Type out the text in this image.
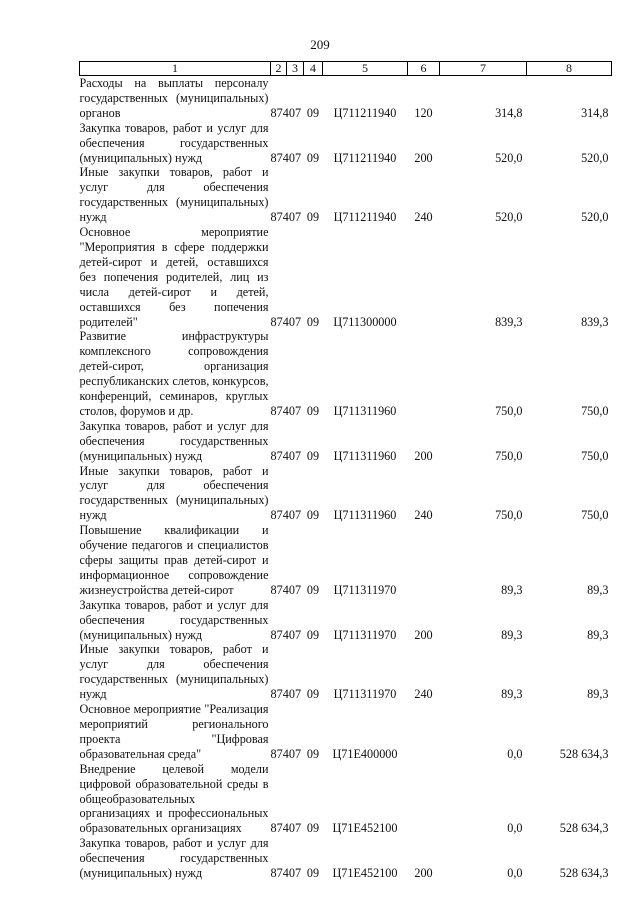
209
1	2	3	4	5	6	7	8
Расходы на выплаты персоналу государственных (муниципальных) органов	874	07	09	Ц711211940	120	314,8	314,8
Закупка товаров, работ и услуг для обеспечения государственных (муниципальных) нужд	874	07	09	Ц711211940	200	520,0	520,0
Иные закупки товаров, работ и услуг для обеспечения государственных (муниципальных) нужд	874	07	09	Ц711211940	240	520,0	520,0
Основное мероприятие "Мероприятия в сфере поддержки детей-сирот и детей, оставшихся без попечения родителей, лиц из числа детей-сирот и детей, оставшихся без попечения родителей"	874	07	09	Ц711300000		839,3	839,3
Развитие инфраструктуры комплексного сопровождения детей-сирот, организация республиканских слетов, конкурсов, конференций, семинаров, круглых столов, форумов и др.	874	07	09	Ц711311960		750,0	750,0
Закупка товаров, работ и услуг для обеспечения государственных (муниципальных) нужд	874	07	09	Ц711311960	200	750,0	750,0
Иные закупки товаров, работ и услуг для обеспечения государственных (муниципальных) нужд	874	07	09	Ц711311960	240	750,0	750,0
Повышение квалификации и обучение педагогов и специалистов сферы защиты прав детей-сирот и информационное сопровождение жизнеустройства детей-сирот	874	07	09	Ц711311970		89,3	89,3
Закупка товаров, работ и услуг для обеспечения государственных (муниципальных) нужд	874	07	09	Ц711311970	200	89,3	89,3
Иные закупки товаров, работ и услуг для обеспечения государственных (муниципальных) нужд	874	07	09	Ц711311970	240	89,3	89,3
Основное мероприятие "Реализация мероприятий регионального проекта "Цифровая образовательная среда"	874	07	09	Ц71Е400000		0,0	528 634,3
Внедрение целевой модели цифровой образовательной среды в общеобразовательных организациях и профессиональных образовательных организациях	874	07	09	Ц71Е452100		0,0	528 634,3
Закупка товаров, работ и услуг для обеспечения государственных (муниципальных) нужд	874	07	09	Ц71Е452100	200	0,0	528 634,3
